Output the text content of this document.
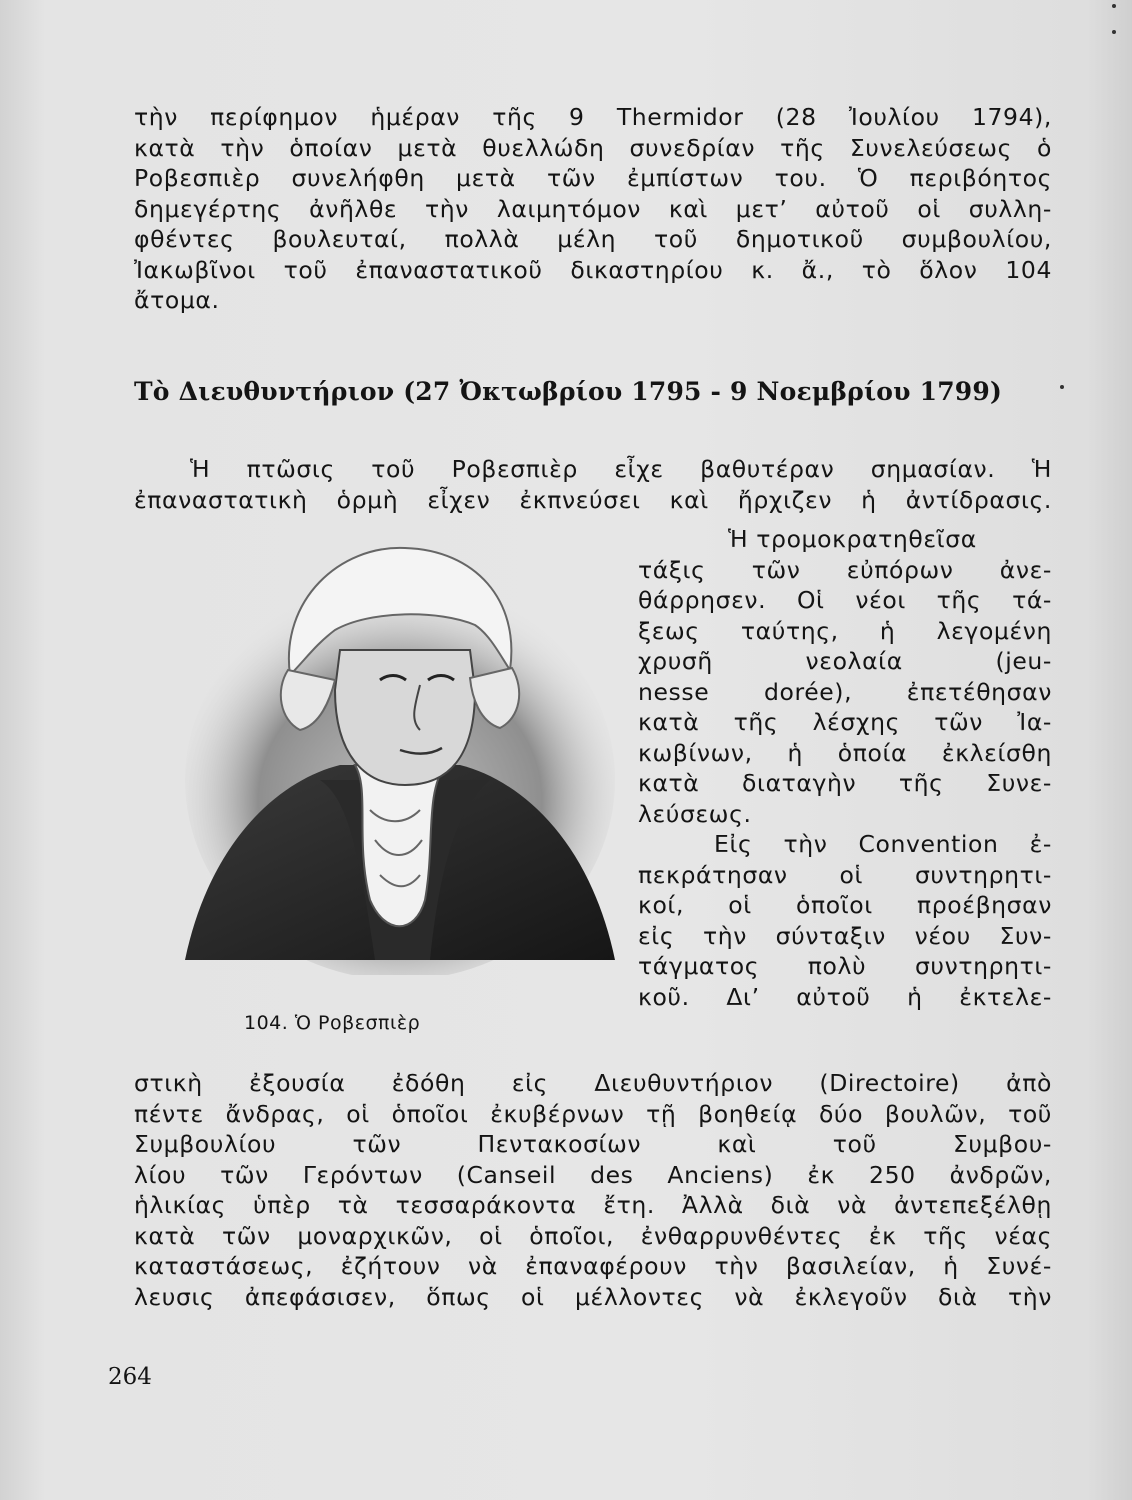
τὴν περίφημον ἡμέραν τῆς 9 Thermidor (28 Ἰουλίου 1794),
κατὰ τὴν ὁποίαν μετὰ θυελλώδη συνεδρίαν τῆς Συνελεύσεως ὁ
Ροβεσπιὲρ συνελήφθη μετὰ τῶν ἐμπίστων του. Ὁ περιβόητος
δημεγέρτης ἀνῆλθε τὴν λαιμητόμον καὶ μετ’ αὐτοῦ οἱ συλλη-
φθέντες βουλευταί, πολλὰ μέλη τοῦ δημοτικοῦ συμβουλίου,
Ἰακωβῖνοι τοῦ ἐπαναστατικοῦ δικαστηρίου κ. ἄ., τὸ ὅλον 104
ἄτομα.
Τὸ Διευθυντήριον (27 Ὀκτωβρίου 1795 - 9 Νοεμβρίου 1799)
Ἡ πτῶσις τοῦ Ροβεσπιὲρ εἶχε βαθυτέραν σημασίαν. Ἡ
ἐπαναστατικὴ ὁρμὴ εἶχεν ἐκπνεύσει καὶ ἤρχιζεν ἡ ἀντίδρασις.
Ἡ τρομοκρατηθεῖσα
τάξις τῶν εὐπόρων ἀνε-
θάρρησεν. Οἱ νέοι τῆς τά-
ξεως ταύτης, ἡ λεγομένη
χρυσῆ νεολαία (jeu-
nesse dorée), ἐπετέθησαν
κατὰ τῆς λέσχης τῶν Ἰα-
κωβίνων, ἡ ὁποία ἐκλείσθη
κατὰ διαταγὴν τῆς Συνε-
λεύσεως.
Εἰς τὴν Convention ἐ-
πεκράτησαν οἱ συντηρητι-
κοί, οἱ ὁποῖοι προέβησαν
εἰς τὴν σύνταξιν νέου Συν-
τάγματος πολὺ συντηρητι-
κοῦ. Δι’ αὐτοῦ ἡ ἐκτελε-
104. Ὁ Ροβεσπιὲρ
στικὴ ἐξουσία ἐδόθη εἰς Διευθυντήριον (Directoire) ἀπὸ
πέντε ἄνδρας, οἱ ὁποῖοι ἐκυβέρνων τῇ βοηθείᾳ δύο βουλῶν, τοῦ
Συμβουλίου τῶν Πεντακοσίων καὶ τοῦ Συμβου-
λίου τῶν Γερόντων (Canseil des Anciens) ἐκ 250 ἀνδρῶν,
ἡλικίας ὑπὲρ τὰ τεσσαράκοντα ἔτη. Ἀλλὰ διὰ νὰ ἀντεπεξέλθῃ
κατὰ τῶν μοναρχικῶν, οἱ ὁποῖοι, ἐνθαρρυνθέντες ἐκ τῆς νέας
καταστάσεως, ἐζήτουν νὰ ἐπαναφέρουν τὴν βασιλείαν, ἡ Συνέ-
λευσις ἀπεφάσισεν, ὅπως οἱ μέλλοντες νὰ ἐκλεγοῦν διὰ τὴν
264
